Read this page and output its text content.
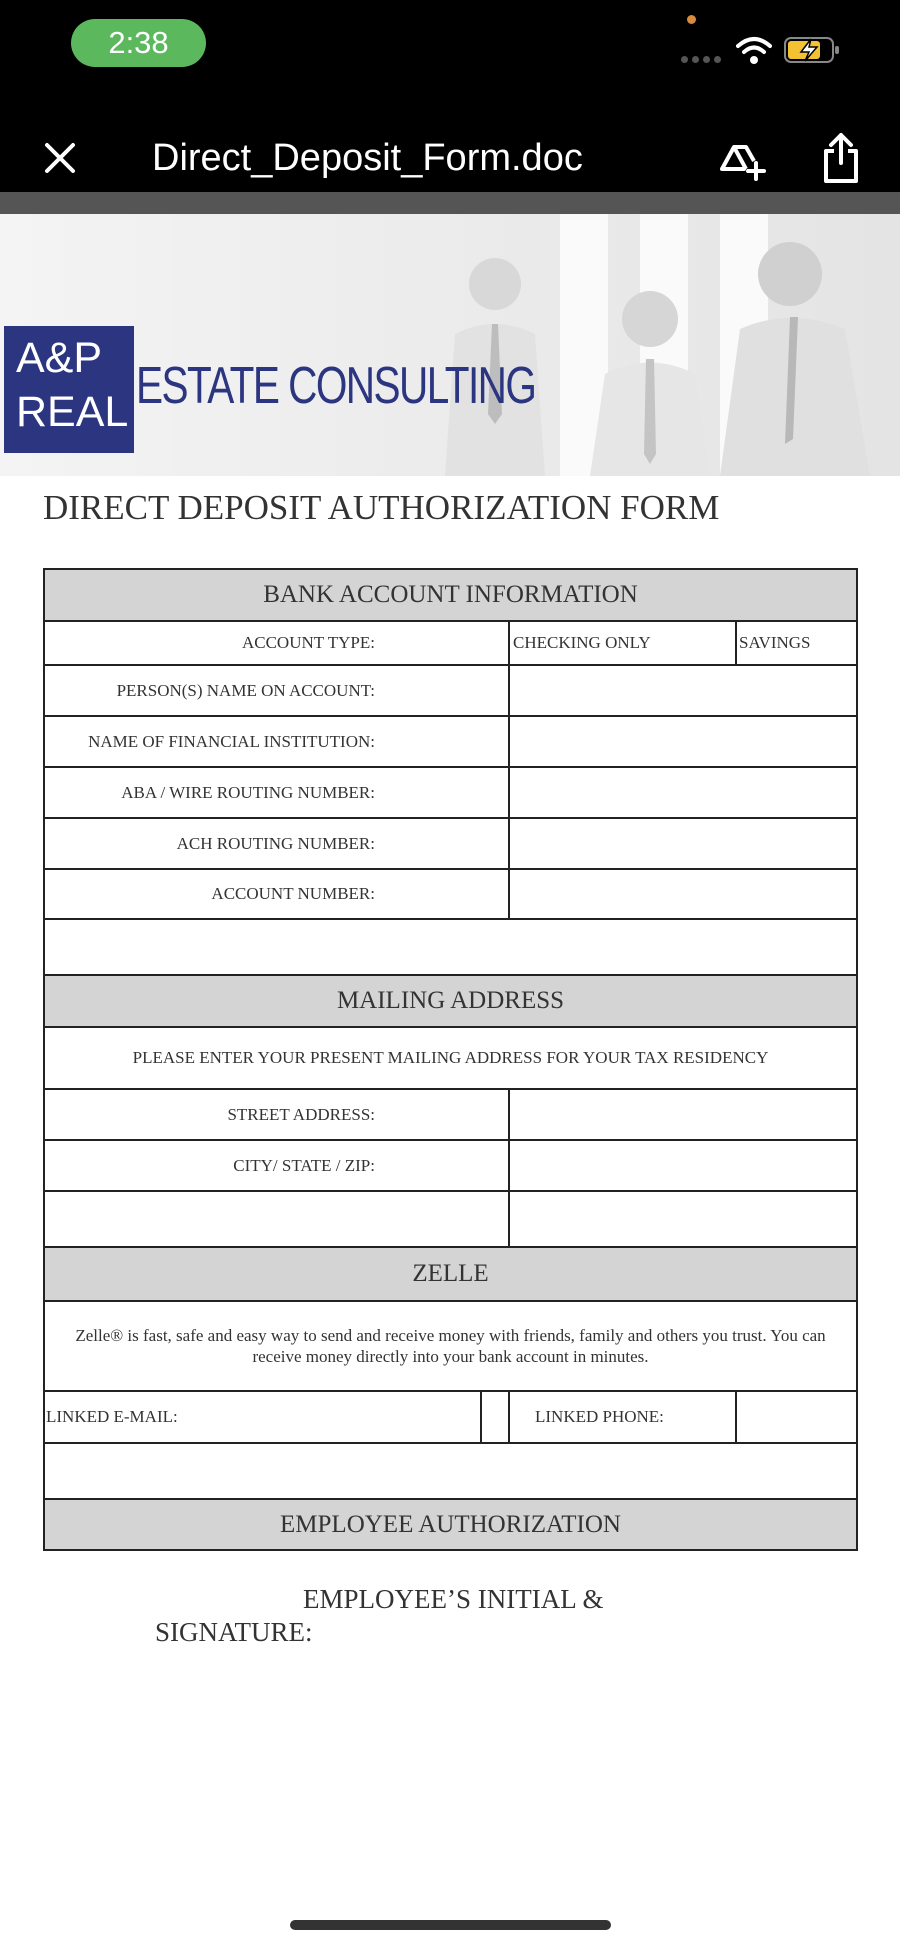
2:38
Direct_Deposit_Form.doc
A&P
REAL ESTATE CONSULTING
DIRECT DEPOSIT AUTHORIZATION FORM
BANK ACCOUNT INFORMATION
ACCOUNT TYPE:	CHECKING ONLY	SAVINGS
PERSON(S) NAME ON ACCOUNT:
NAME OF FINANCIAL INSTITUTION:
ABA / WIRE ROUTING NUMBER:
ACH ROUTING NUMBER:
ACCOUNT NUMBER:
MAILING ADDRESS
PLEASE ENTER YOUR PRESENT MAILING ADDRESS FOR YOUR TAX RESIDENCY
STREET ADDRESS:
CITY/ STATE / ZIP:
ZELLE
Zelle® is fast, safe and easy way to send and receive money with friends, family and others you trust. You can receive money directly into your bank account in minutes.
LINKED E-MAIL:	LINKED PHONE:
EMPLOYEE AUTHORIZATION
EMPLOYEE’S INITIAL &
SIGNATURE:
